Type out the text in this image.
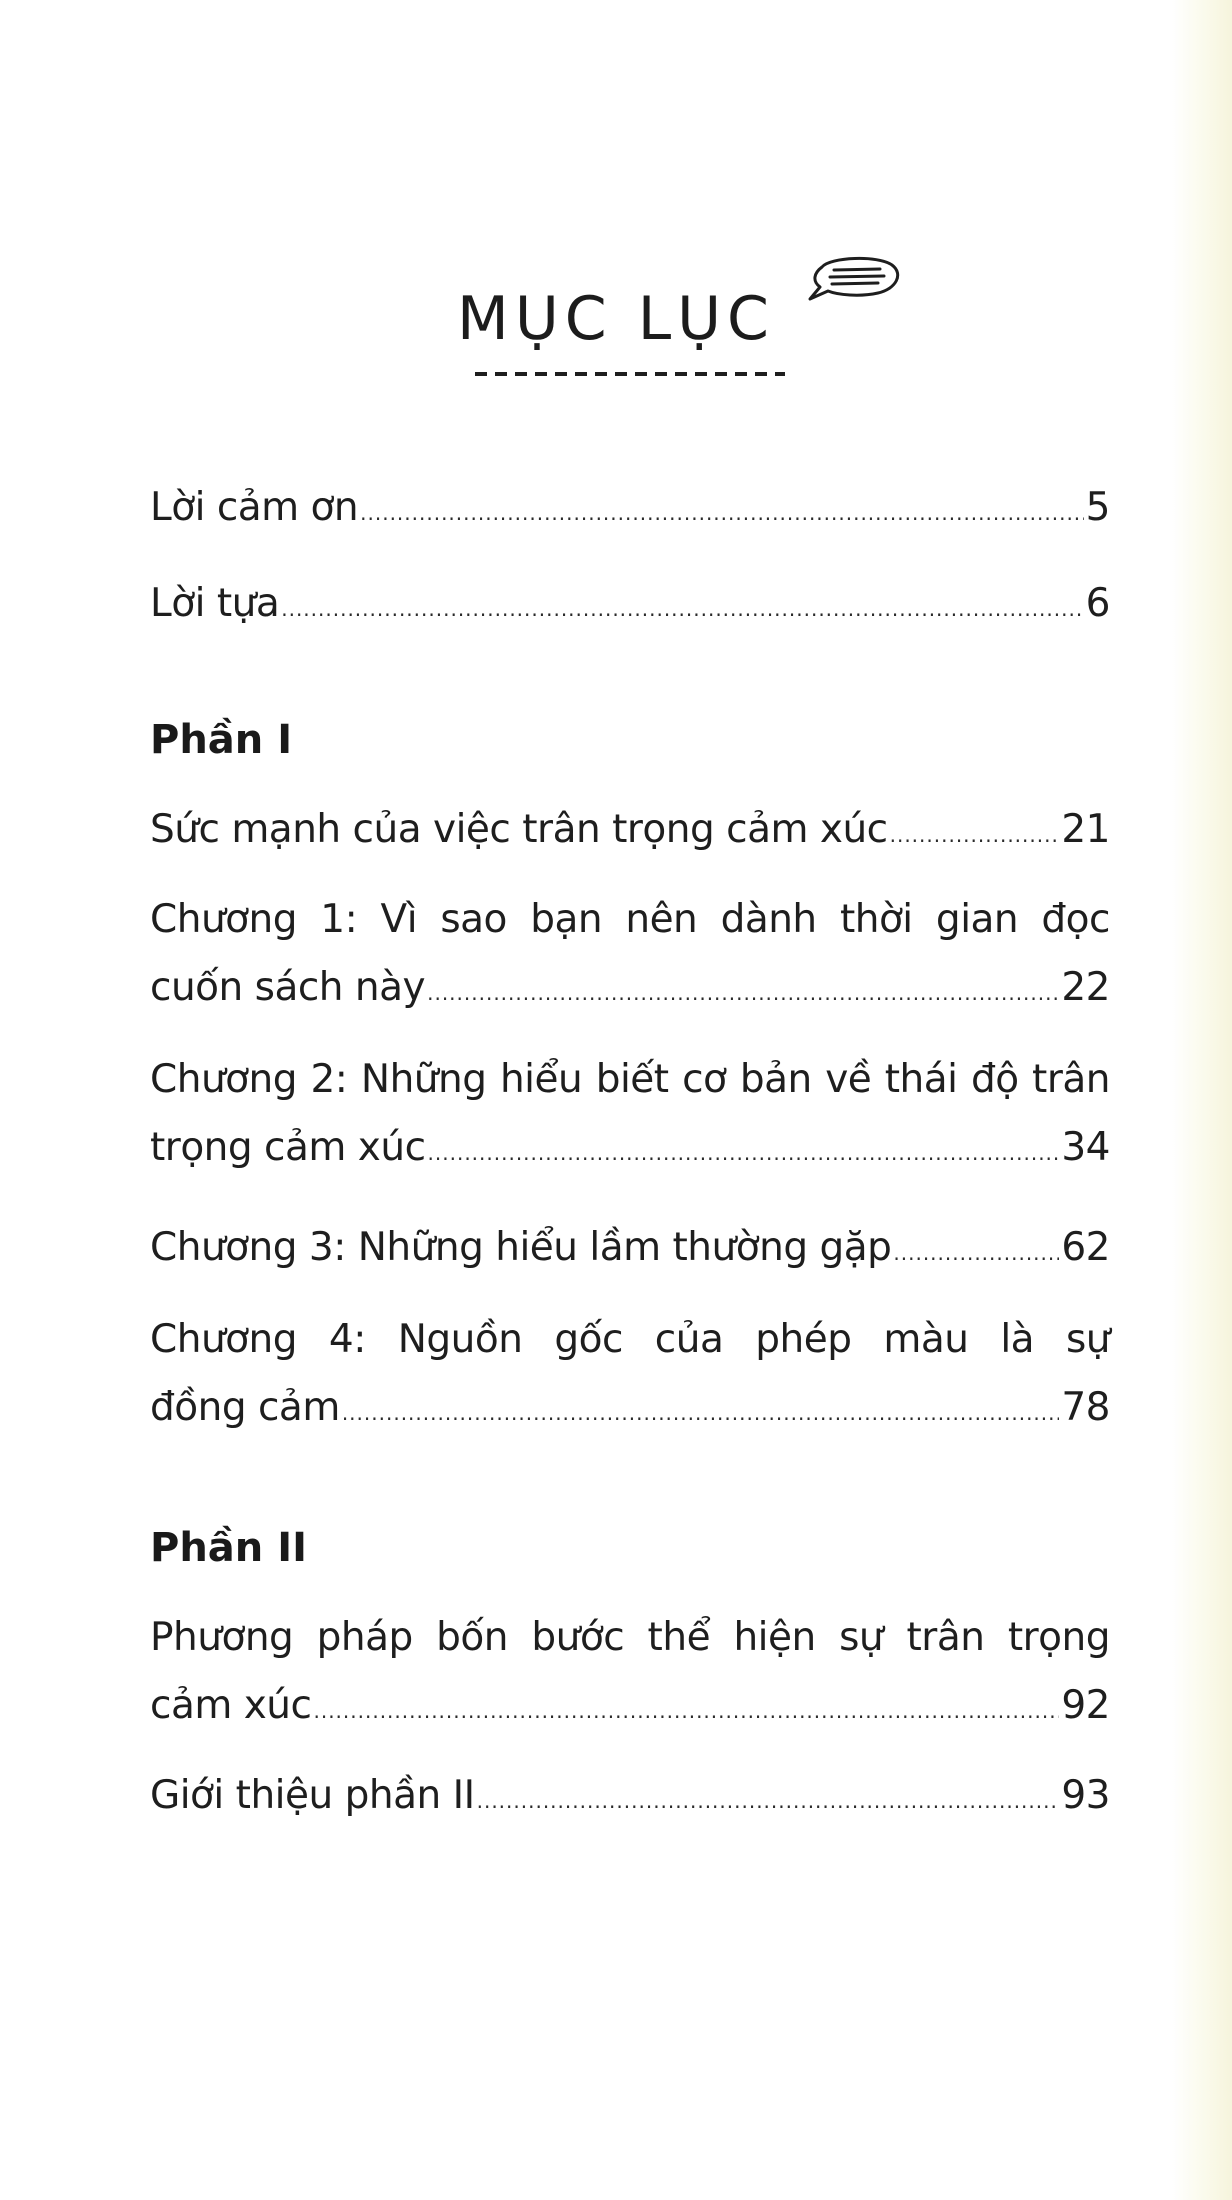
MỤC LỤC
Lời cảm ơn .....	5
Lời tựa .....	6
Phần I
Sức mạnh của việc trân trọng cảm xúc .....	21
Chương 1: Vì sao bạn nên dành thời gian đọc
cuốn sách này .....	22
Chương 2: Những hiểu biết cơ bản về thái độ trân
trọng cảm xúc .....	34
Chương 3: Những hiểu lầm thường gặp .....	62
Chương 4: Nguồn gốc của phép màu là sự
đồng cảm .....	78
Phần II
Phương pháp bốn bước thể hiện sự trân trọng
cảm xúc .....	92
Giới thiệu phần II .....	93
